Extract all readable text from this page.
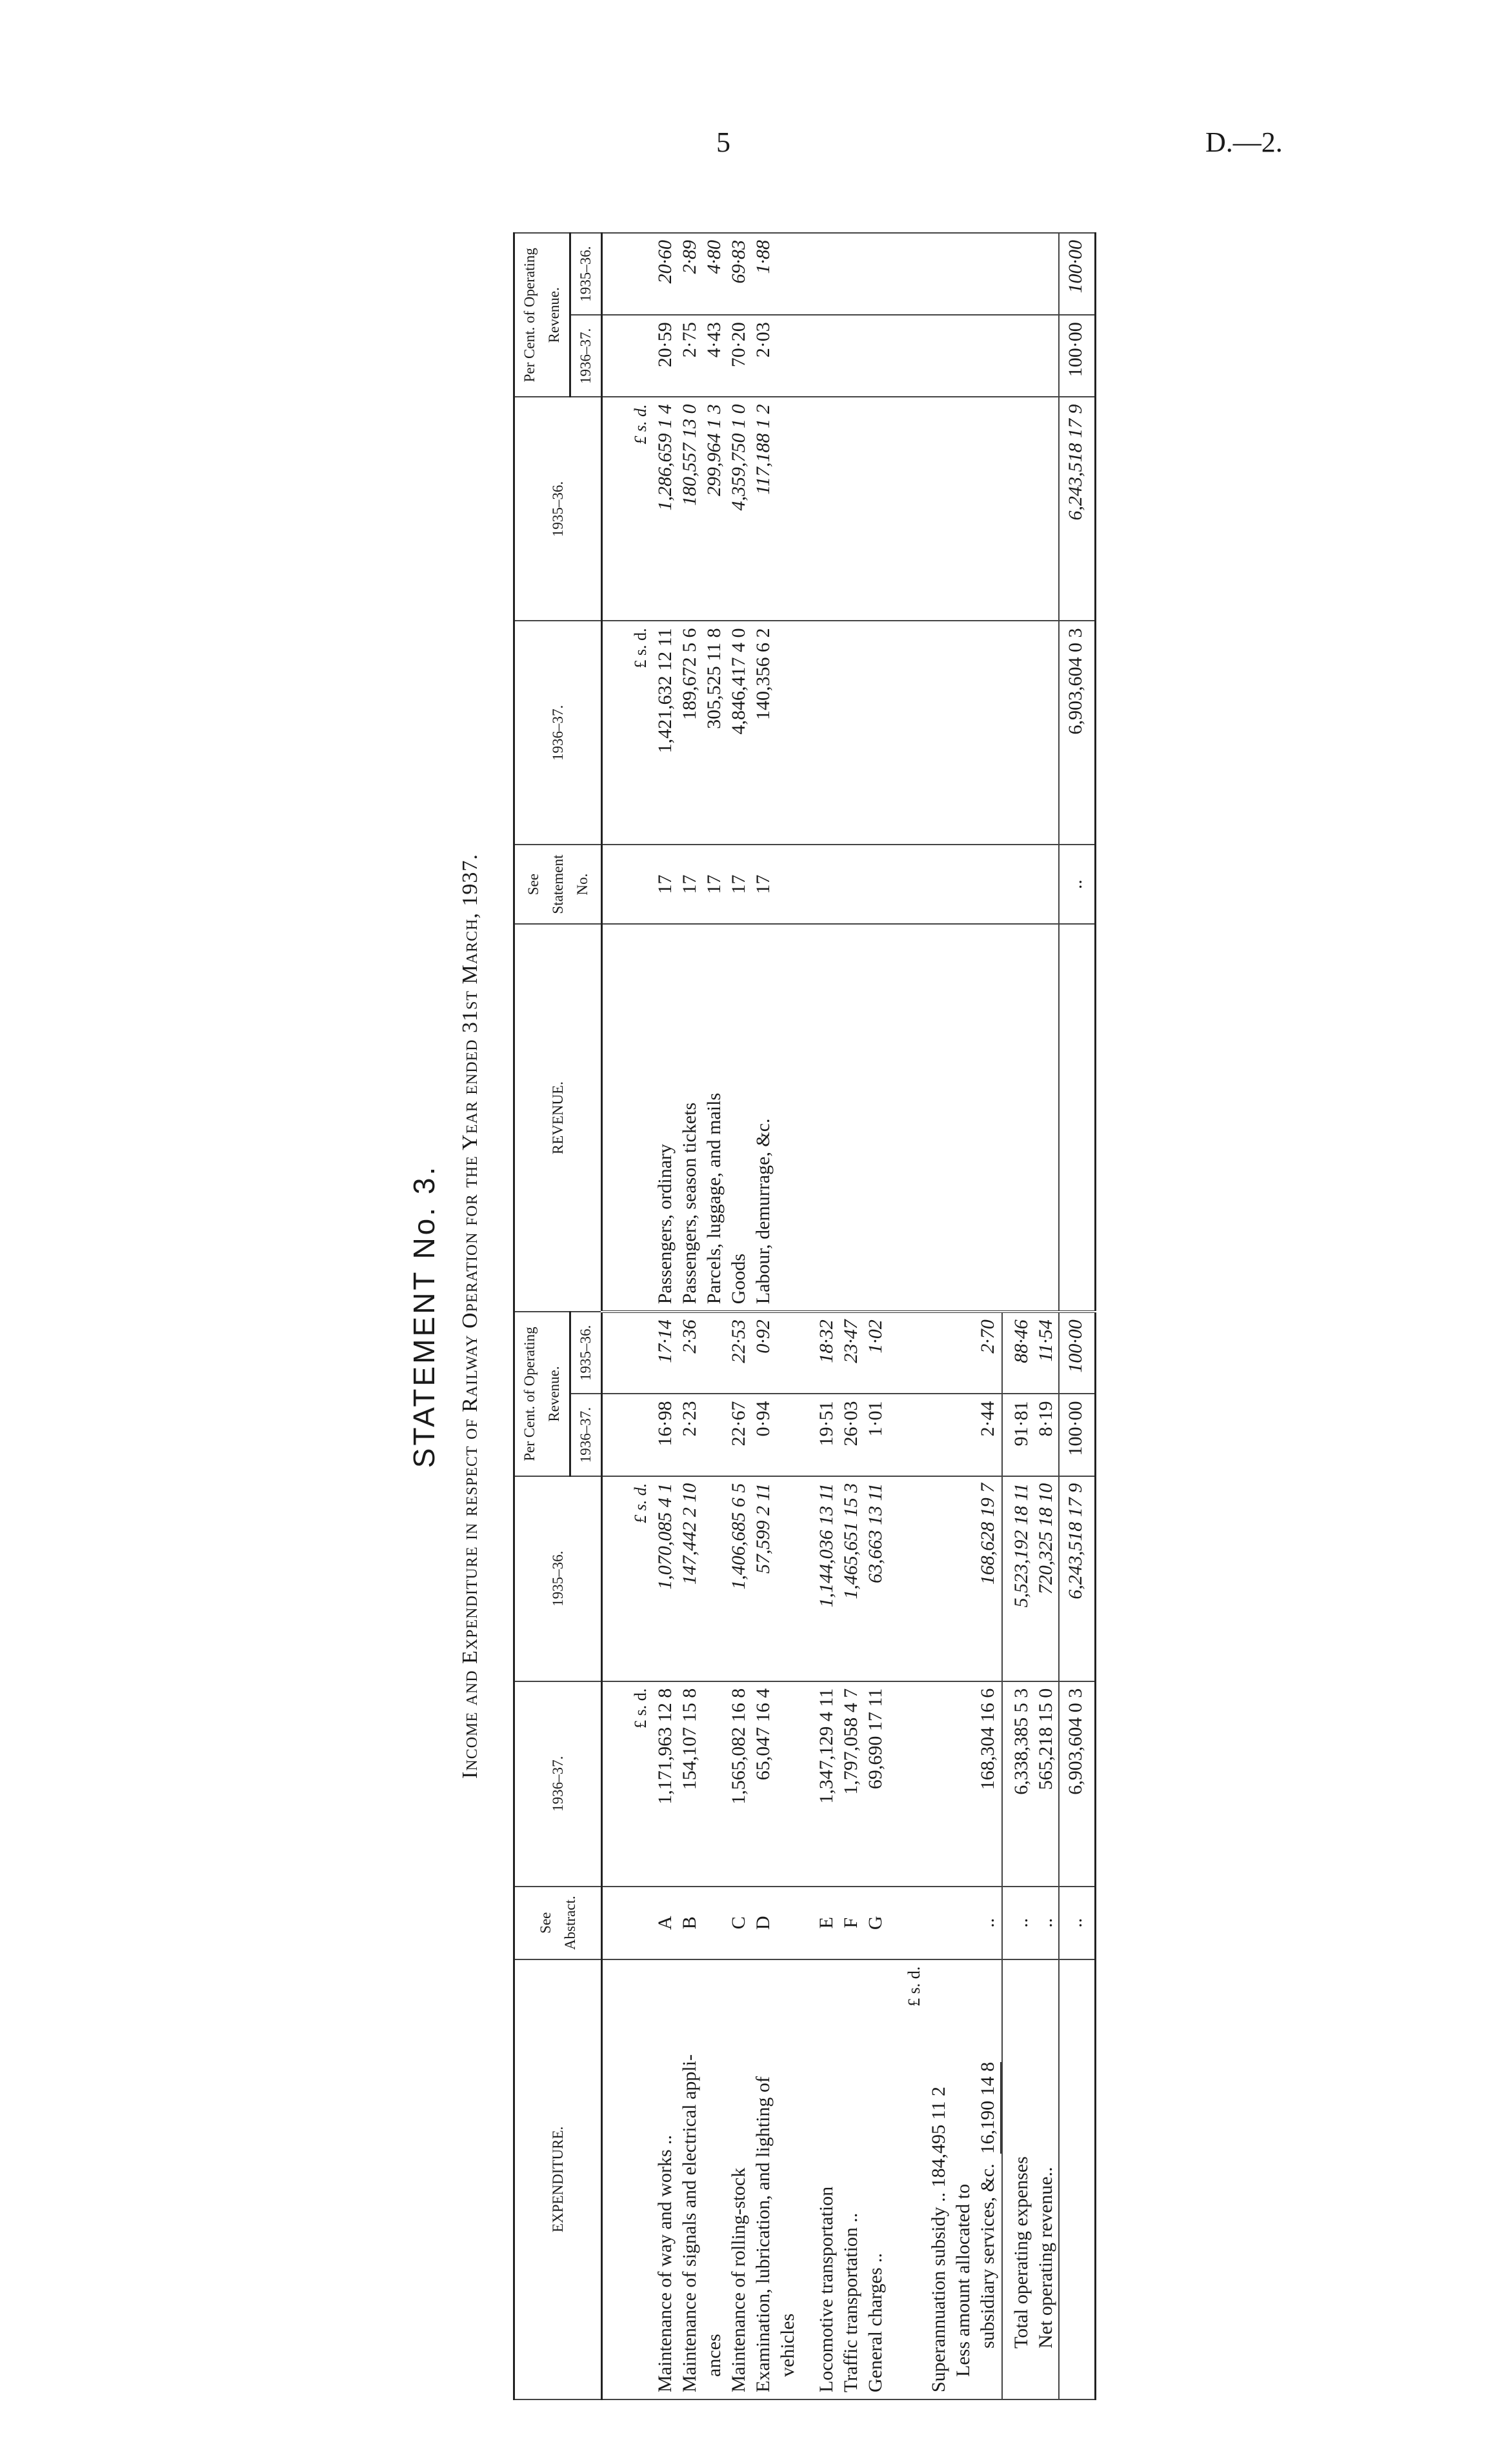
5	D.—2.
STATEMENT No. 3. Income and Expenditure in respect of Railway Operation for the Year ended 31st March, 1937.
EXPENDITURE.	See Abstract.	1936–37.	1935–36.	Per Cent. of Operating Revenue.		REVENUE.	See Statement No.	1936–37.	1935–36.	Per Cent. of Operating Revenue.	
				1936–37.	1935–36.					1936–37.	1935–36.
		£ s. d.	£ s. d.					£ s. d.	£ s. d.		
Maintenance of way and works ..	A	1,171,963 12 8	1,070,085 4 1	16·98	17·14	Passengers, ordinary	17	1,421,632 12 11	1,286,659 1 4	20·59	20·60
Maintenance of signals and electrical appli-	B	154,107 15 8	147,442 2 10	2·23	2·36	Passengers, season tickets	17	189,672 5 6	180,557 13 0	2·75	2·89
ances						Parcels, luggage, and mails	17	305,525 11 8	299,964 1 3	4·43	4·80
Maintenance of rolling-stock	C	1,565,082 16 8	1,406,685 6 5	22·67	22·53	Goods	17	4,846,417 4 0	4,359,750 1 0	70·20	69·83
Examination, lubrication, and lighting of	D	65,047 16 4	57,599 2 11	0·94	0·92	Labour, demurrage, &c.	17	140,356 6 2	117,188 1 2	2·03	1·88
vehicles											
Locomotive transportation	E	1,347,129 4 11	1,144,036 13 11	19·51	18·32						
Traffic transportation ..	F	1,797,058 4 7	1,465,651 15 3	26·03	23·47						
General charges ..	G	69,690 17 11	63,663 13 11	1·01	1·02						
£ s. d.											
Superannuation subsidy .. 184,495 11 2											
Less amount allocated to											
subsidiary services, &c.  16,190 14 8	..	168,304 16 6	168,628 19 7	2·44	2·70						
Total operating expenses	..	6,338,385 5 3	5,523,192 18 11	91·81	88·46						
Net operating revenue..	..	565,218 15 0	720,325 18 10	8·19	11·54						
	..	6,903,604 0 3	6,243,518 17 9	100·00	100·00		..	6,903,604 0 3	6,243,518 17 9	100·00	100·00
